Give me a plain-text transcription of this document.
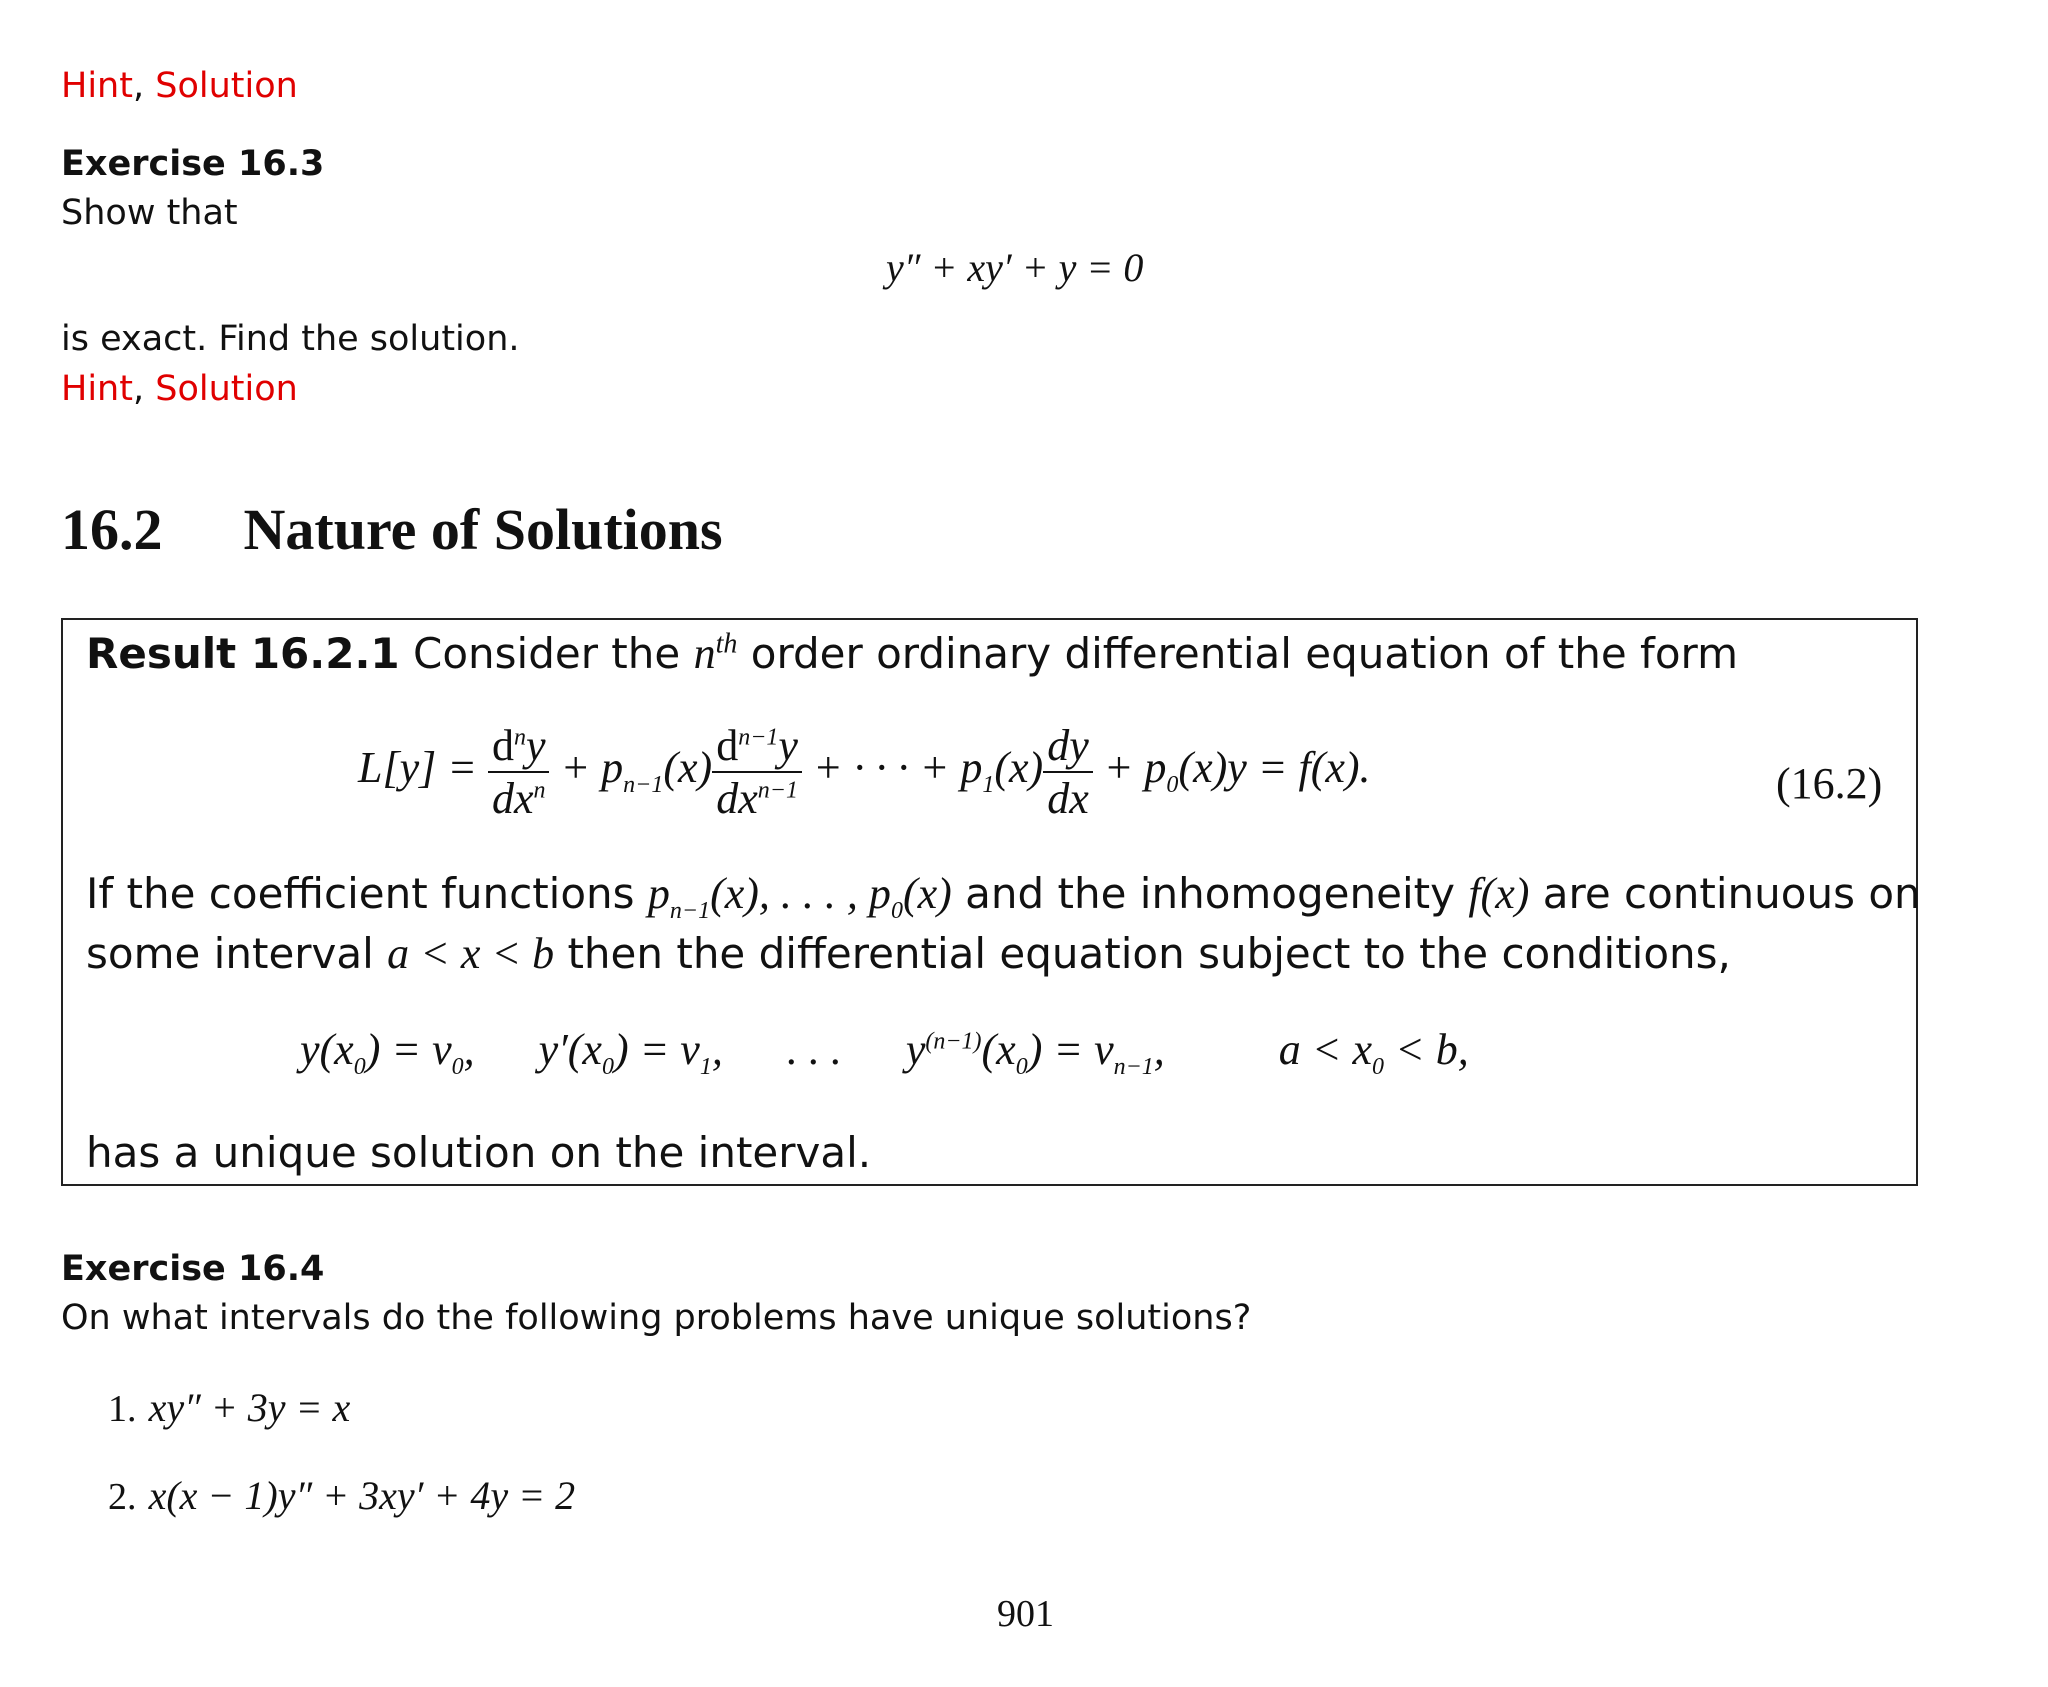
Hint, Solution
Exercise 16.3
Show that
y″ + xy′ + y = 0
is exact. Find the solution.
Hint, Solution
16.2 Nature of Solutions
Result 16.2.1 Consider the $n^{th}$ order ordinary differential equation of the form
$L[y] = \frac{d^ny}{dx^n} + p_{n-1}(x) \frac{d^{n-1}y}{dx^{n-1}}$ + · · · + $p_1(x) \frac{dy}{dx} + p_0(x)y = f(x)$.	(16.2)
If the coefficient functions $p_{n-1}(x)$, . . . , $p_0(x)$ and the inhomogeneity f(x) are continuous on
some interval a < x < b then the differential equation subject to the conditions,
$y(x_0) = v_0$, $y'(x_0) = v_1$, . . . $y^{(n-1)}(x_0) = v_{n-1}$,	$a < x_0 < b$,
has a unique solution on the interval.
Exercise 16.4
On what intervals do the following problems have unique solutions?
1. xy″ + 3y = x
2. x(x − 1)y″ + 3xy′ + 4y = 2
901
